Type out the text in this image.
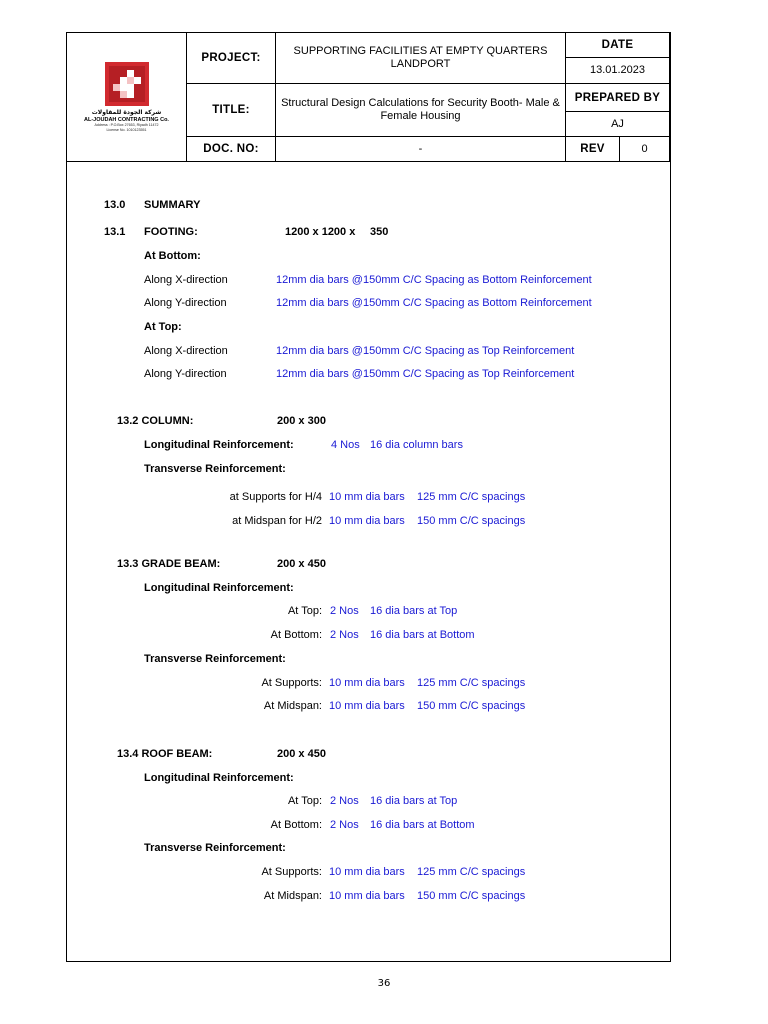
شركة الجودة للمقاولات
AL-JOUDAH CONTRACTING Co.
Address : P.O.Box 27653, Riyadh 11472
License No. 1010123551
PROJECT:
SUPPORTING FACILITIES AT EMPTY QUARTERS LANDPORT
DATE
13.01.2023
TITLE:
Structural Design Calculations for Security Booth- Male & Female Housing
PREPARED BY
AJ
DOC. NO:	-	REV	0
13.0 SUMMARY
13.1 FOOTING:	1200 x 1200 x 350
At Bottom:
Along X-direction	12mm dia bars @150mm C/C Spacing as Bottom Reinforcement
Along Y-direction	12mm dia bars @150mm C/C Spacing as Bottom Reinforcement
At Top:
Along X-direction	12mm dia bars @150mm C/C Spacing as Top Reinforcement
Along Y-direction	12mm dia bars @150mm C/C Spacing as Top Reinforcement
13.2 COLUMN:	200 x 300
Longitudinal Reinforcement:	4 Nos 16 dia column bars
Transverse Reinforcement:
at Supports for H/4 10 mm dia bars 125 mm C/C spacings
at Midspan for H/2 10 mm dia bars 150 mm C/C spacings
13.3 GRADE BEAM:	200 x 450
Longitudinal Reinforcement:
At Top: 2 Nos 16 dia bars at Top
At Bottom: 2 Nos 16 dia bars at Bottom
Transverse Reinforcement:
At Supports: 10 mm dia bars 125 mm C/C spacings
At Midspan: 10 mm dia bars 150 mm C/C spacings
13.4 ROOF BEAM:	200 x 450
Longitudinal Reinforcement:
At Top: 2 Nos 16 dia bars at Top
At Bottom: 2 Nos 16 dia bars at Bottom
Transverse Reinforcement:
At Supports: 10 mm dia bars 125 mm C/C spacings
At Midspan: 10 mm dia bars 150 mm C/C spacings
36
